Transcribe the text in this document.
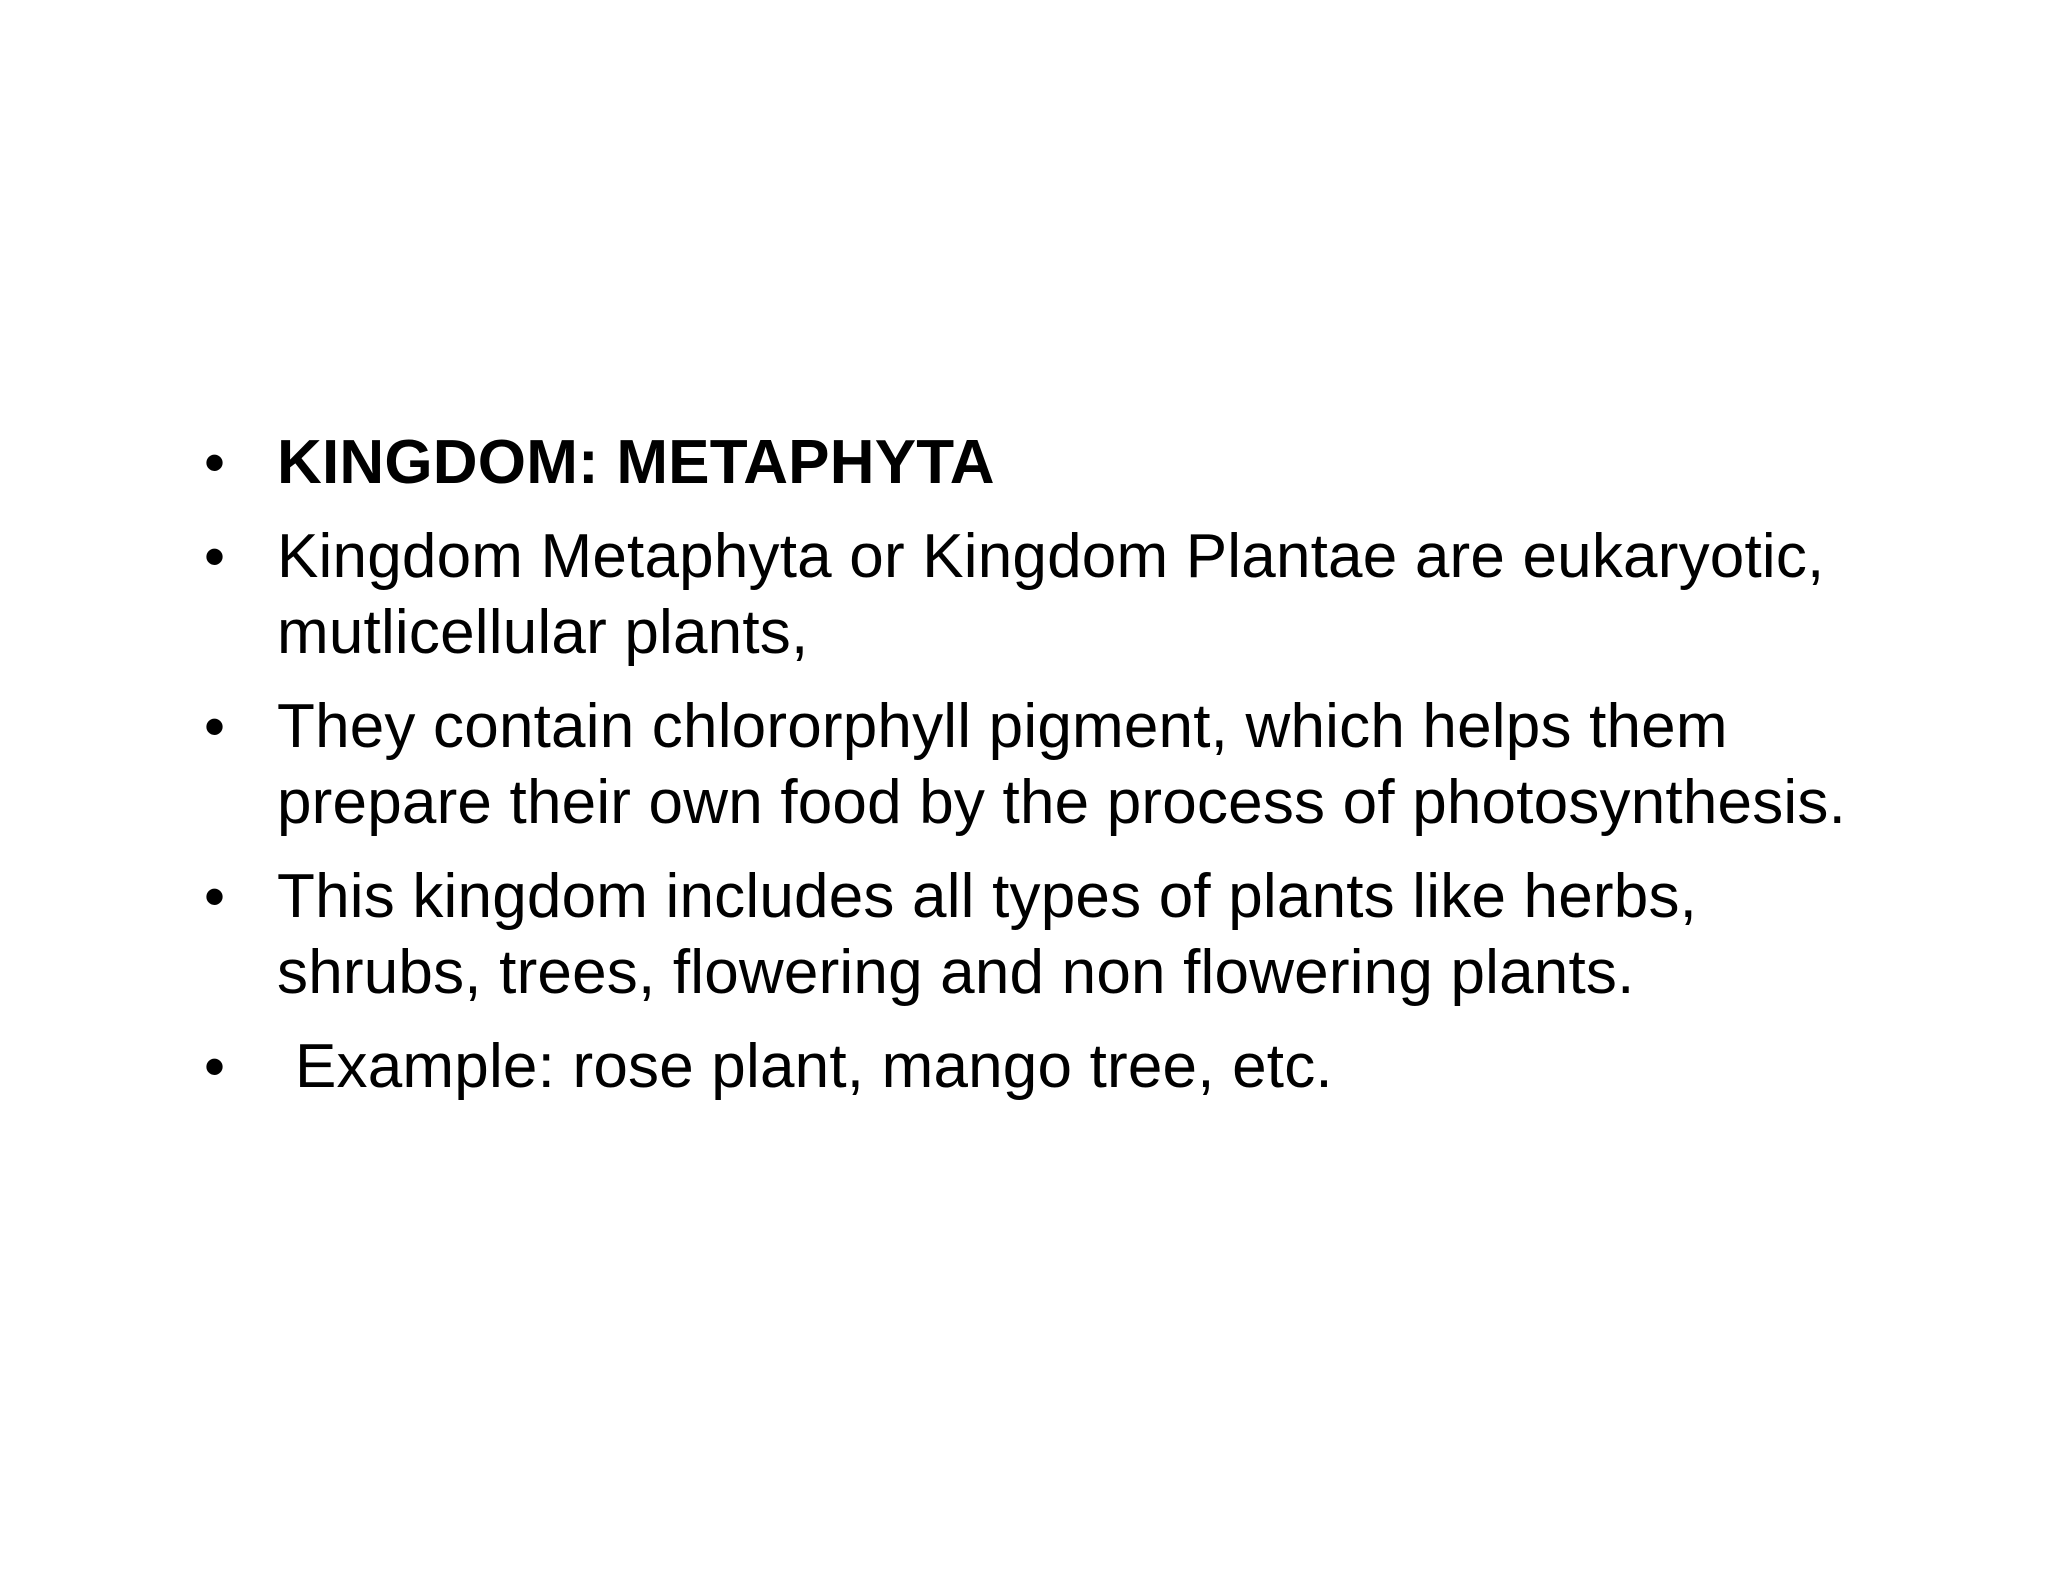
• KINGDOM: METAPHYTA
• Kingdom Metaphyta or Kingdom Plantae are eukaryotic, mutlicellular plants,
• They contain chlororphyll pigment, which helps them prepare their own food by the process of photosynthesis.
• This kingdom includes all types of plants like herbs, shrubs, trees, flowering and non flowering plants.
•	Example: rose plant, mango tree, etc.
